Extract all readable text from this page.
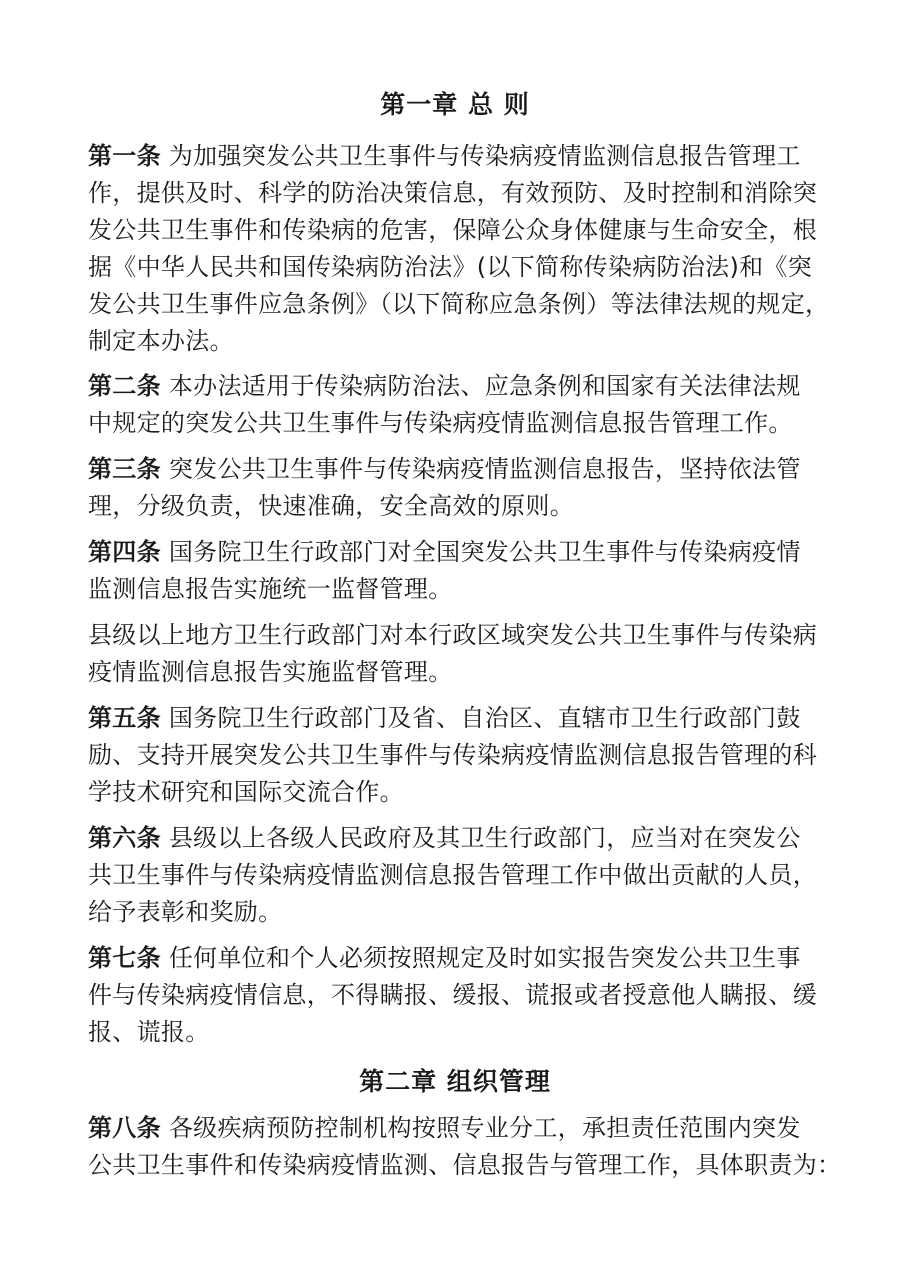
第一章 总 则
第一条 为加强突发公共卫生事件与传染病疫情监测信息报告管理工
作，提供及时、科学的防治决策信息，有效预防、及时控制和消除突
发公共卫生事件和传染病的危害，保障公众身体健康与生命安全，根
据《中华人民共和国传染病防治法》(以下简称传染病防治法)和《突
发公共卫生事件应急条例》（以下简称应急条例）等法律法规的规定，
制定本办法。
第二条 本办法适用于传染病防治法、应急条例和国家有关法律法规
中规定的突发公共卫生事件与传染病疫情监测信息报告管理工作。
第三条 突发公共卫生事件与传染病疫情监测信息报告，坚持依法管
理，分级负责，快速准确，安全高效的原则。
第四条 国务院卫生行政部门对全国突发公共卫生事件与传染病疫情
监测信息报告实施统一监督管理。
县级以上地方卫生行政部门对本行政区域突发公共卫生事件与传染病
疫情监测信息报告实施监督管理。
第五条 国务院卫生行政部门及省、自治区、直辖市卫生行政部门鼓
励、支持开展突发公共卫生事件与传染病疫情监测信息报告管理的科
学技术研究和国际交流合作。
第六条 县级以上各级人民政府及其卫生行政部门，应当对在突发公
共卫生事件与传染病疫情监测信息报告管理工作中做出贡献的人员，
给予表彰和奖励。
第七条 任何单位和个人必须按照规定及时如实报告突发公共卫生事
件与传染病疫情信息，不得瞒报、缓报、谎报或者授意他人瞒报、缓
报、谎报。
第二章 组织管理
第八条 各级疾病预防控制机构按照专业分工，承担责任范围内突发
公共卫生事件和传染病疫情监测、信息报告与管理工作，具体职责为：
